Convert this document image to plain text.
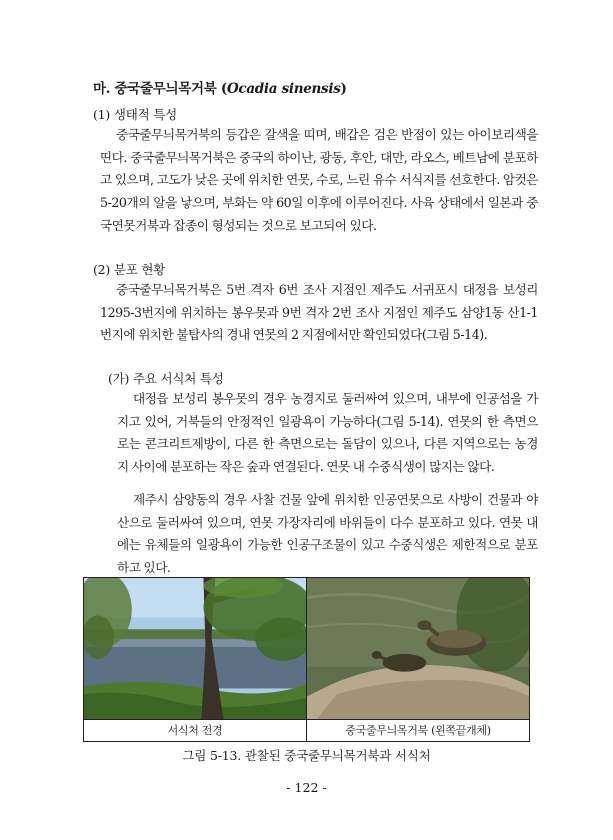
마. 중국줄무늬목거북 (Ocadia sinensis)
(1) 생태적 특성
중국줄무늬목거북의 등갑은 갈색을 띠며, 배갑은 검은 반점이 있는 아이보리색을 띤다. 중국줄무늬목거북은 중국의 하이난, 광동, 후안, 대만, 라오스, 베트남에 분포하고 있으며, 고도가 낮은 곳에 위치한 연못, 수로, 느린 유수 서식지를 선호한다. 암컷은 5-20개의 알을 낳으며, 부화는 약 60일 이후에 이루어진다. 사육 상태에서 일본과 중국연못거북과 잡종이 형성되는 것으로 보고되어 있다.
(2) 분포 현황
중국줄무늬목거북은 5번 격자 6번 조사 지점인 제주도 서귀포시 대정읍 보성리 1295-3번지에 위치하는 봉우못과 9번 격자 2번 조사 지점인 제주도 삼양1동 산1-1번지에 위치한 불탑사의 경내 연못의 2 지점에서만 확인되었다(그림 5-14).
(가) 주요 서식처 특성
대정읍 보성리 봉우못의 경우 농경지로 둘러싸여 있으며, 내부에 인공섬을 가지고 있어, 거북들의 안정적인 일광욕이 가능하다(그림 5-14). 연못의 한 측면으로는 콘크리트제방이, 다른 한 측면으로는 돌담이 있으나, 다른 지역으로는 농경지 사이에 분포하는 작은 숲과 연결된다. 연못 내 수중식생이 많지는 않다.
제주시 삼양동의 경우 사찰 건물 앞에 위치한 인공연못으로 사방이 건물과 야산으로 둘러싸여 있으며, 연못 가장자리에 바위들이 다수 분포하고 있다. 연못 내에는 유체들의 일광욕이 가능한 인공구조물이 있고 수중식생은 제한적으로 분포하고 있다.
서식처 전경	중국줄무늬목거북 (왼쪽끝개체)
그림 5-13. 관찰된 중국줄무늬목거북과 서식처
- 122 -
